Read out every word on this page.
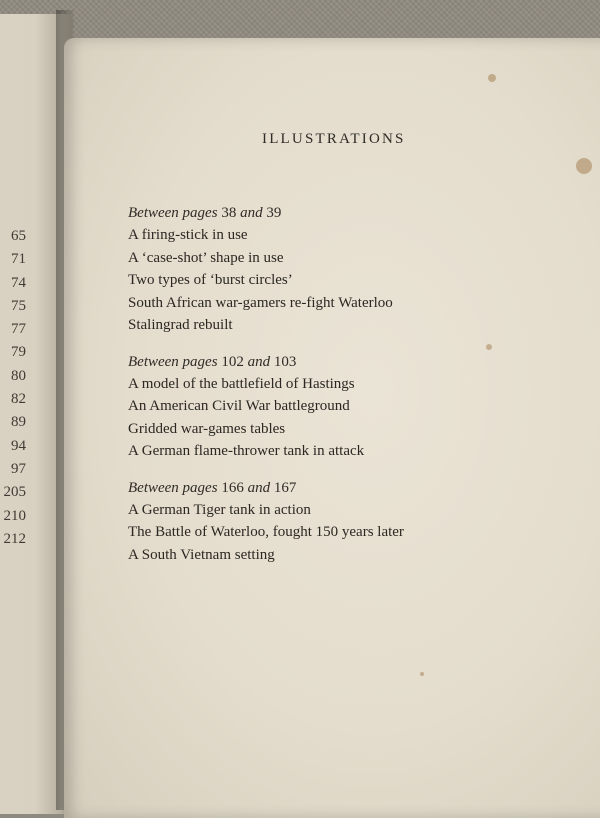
65
71
74
75
77
79
80
82
89
94
97
205
210
212
ILLUSTRATIONS
Between pages 38 and 39
A firing-stick in use
A ‘case-shot’ shape in use
Two types of ‘burst circles’
South African war-gamers re-fight Waterloo
Stalingrad rebuilt
Between pages 102 and 103
A model of the battlefield of Hastings
An American Civil War battleground
Gridded war-games tables
A German flame-thrower tank in attack
Between pages 166 and 167
A German Tiger tank in action
The Battle of Waterloo, fought 150 years later
A South Vietnam setting
